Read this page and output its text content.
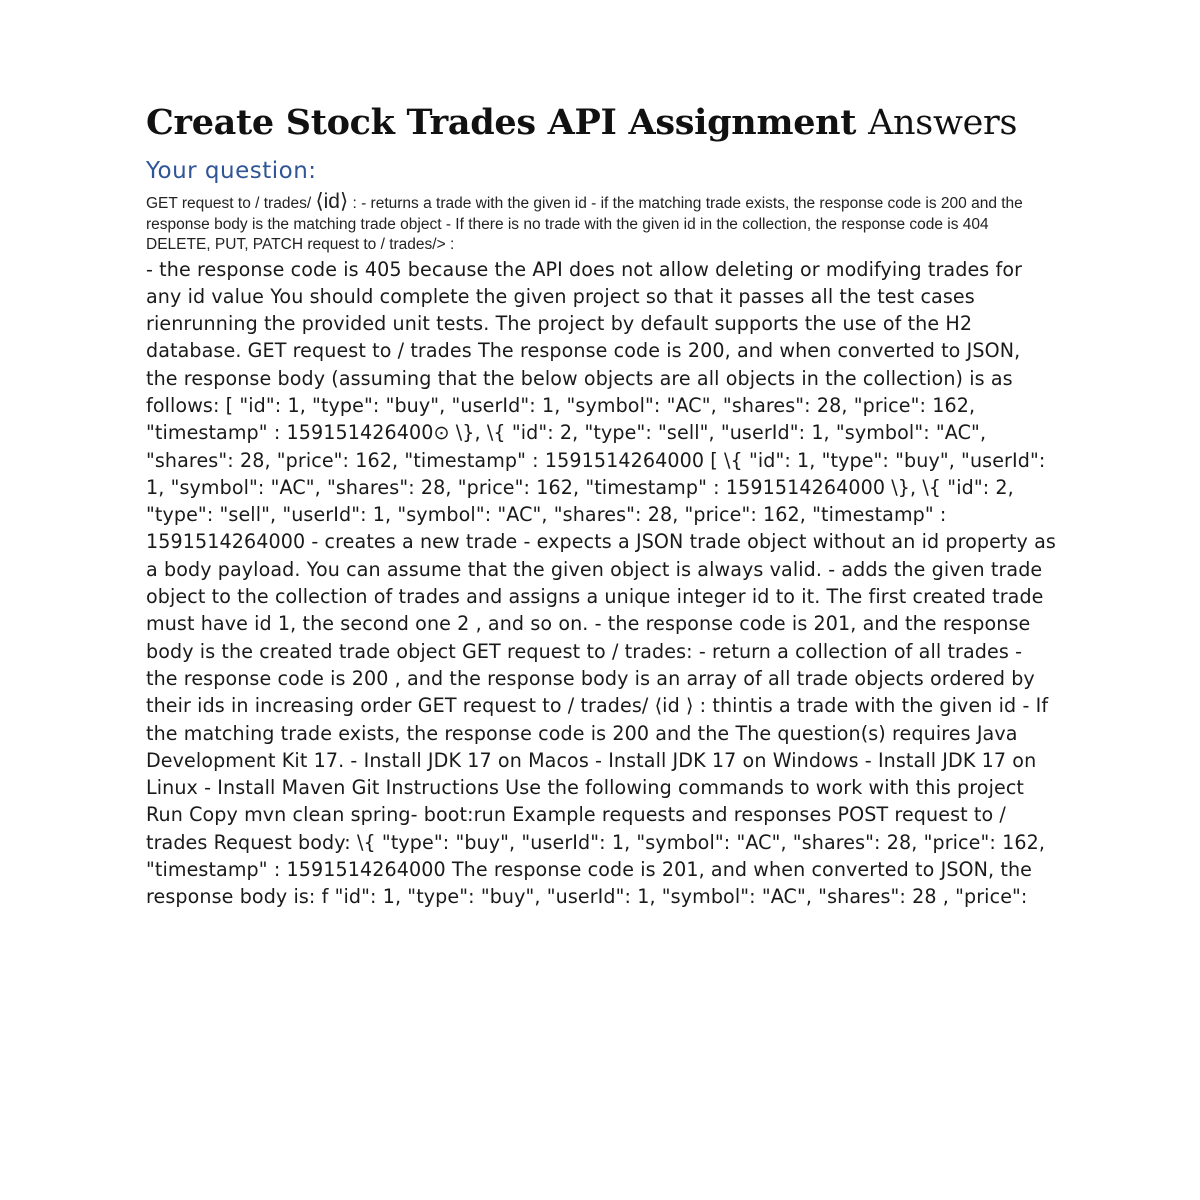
Create Stock Trades API Assignment Answers
Your question:

GET request to / trades/ ⟨id⟩ : - returns a trade with the given id - if the matching trade exists, the response code is 200 and the response body is the matching trade object - If there is no trade with the given id in the collection, the response code is 404 DELETE, PUT, PATCH request to / trades/> :

- the response code is 405 because the API does not allow deleting or modifying trades for any id value You should complete the given project so that it passes all the test cases rienrunning the provided unit tests. The project by default supports the use of the H2 database. GET request to / trades The response code is 200, and when converted to JSON, the response body (assuming that the below objects are all objects in the collection) is as follows: [ "id": 1, "type": "buy", "userId": 1, "symbol": "AC", "shares": 28, "price": 162, "timestamp" : 159151426400⊙ \}, \{ "id": 2, "type": "sell", "userId": 1, "symbol": "AC", "shares": 28, "price": 162, "timestamp" : 1591514264000 [ \{ "id": 1, "type": "buy", "userId": 1, "symbol": "AC", "shares": 28, "price": 162, "timestamp" : 1591514264000 \}, \{ "id": 2, "type": "sell", "userId": 1, "symbol": "AC", "shares": 28, "price": 162, "timestamp" : 1591514264000 - creates a new trade - expects a JSON trade object without an id property as a body payload. You can assume that the given object is always valid. - adds the given trade object to the collection of trades and assigns a unique integer id to it. The first created trade must have id 1, the second one 2 , and so on. - the response code is 201, and the response body is the created trade object GET request to / trades: - return a collection of all trades - the response code is 200 , and the response body is an array of all trade objects ordered by their ids in increasing order GET request to / trades/ ⟨id ⟩ : thintis a trade with the given id - If the matching trade exists, the response code is 200 and the The question(s) requires Java Development Kit 17. - Install JDK 17 on Macos - Install JDK 17 on Windows - Install JDK 17 on Linux - Install Maven Git Instructions Use the following commands to work with this project Run Copy mvn clean spring- boot:run Example requests and responses POST request to / trades Request body: \{ "type": "buy", "userId": 1, "symbol": "AC", "shares": 28, "price": 162, "timestamp" : 1591514264000 The response code is 201, and when converted to JSON, the response body is: f "id": 1, "type": "buy", "userId": 1, "symbol": "AC", "shares": 28 , "price":
